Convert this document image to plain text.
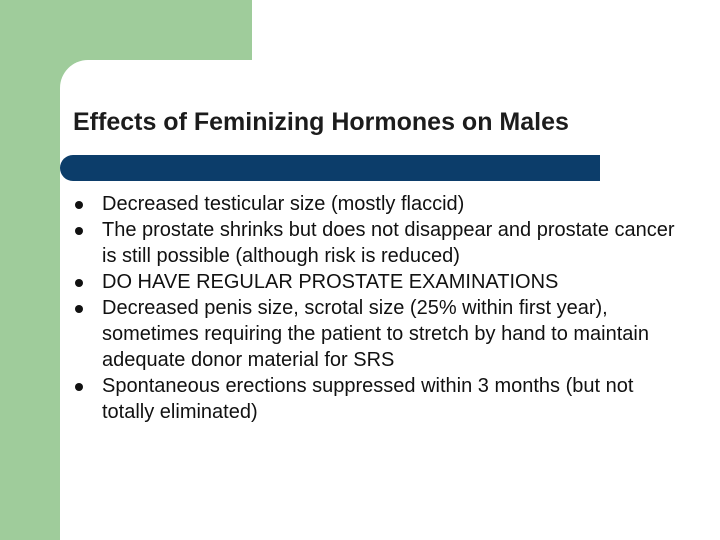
Effects of Feminizing Hormones on Males
Decreased testicular size (mostly flaccid)
The prostate shrinks but does not disappear and prostate cancer is still possible (although risk is reduced)
DO HAVE REGULAR PROSTATE EXAMINATIONS
Decreased penis size, scrotal size (25% within first year), sometimes requiring the patient to stretch by hand to maintain adequate donor material for SRS
Spontaneous erections suppressed within 3 months (but not totally eliminated)
